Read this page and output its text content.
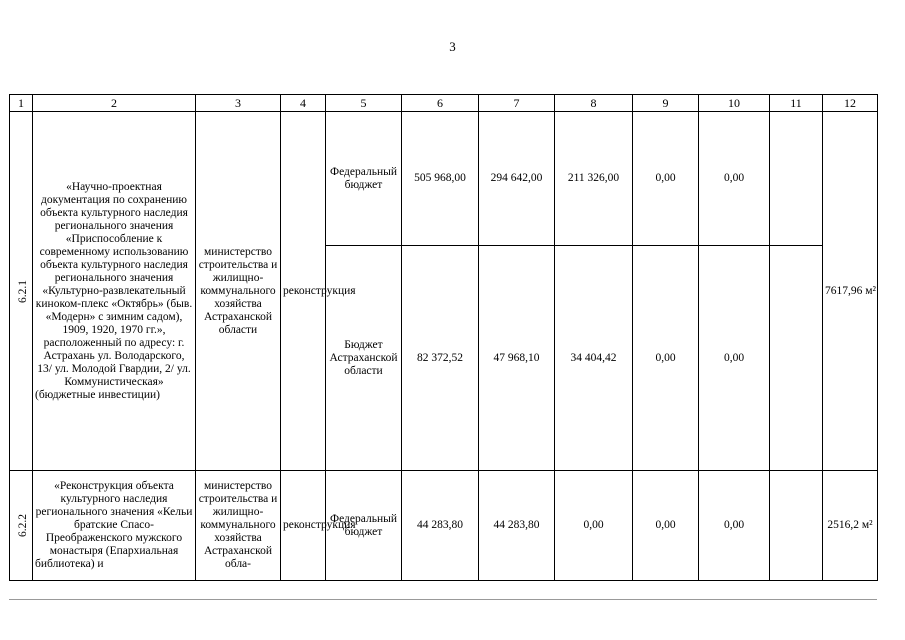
3
1	2	3	4	5	6	7	8	9	10	11	12
6.2.1	«Научно-проектная документация по сохранению объекта культурного наследия регионального значения «Приспособление к современному использованию объекта культурного наследия регионального значения «Культурно-развлекательный киноком-плекс «Октябрь» (быв. «Модерн» с зимним садом), 1909, 1920, 1970 гг.», расположенный по адресу: г. Астрахань ул. Володарского, 13/ ул. Молодой Гвардии, 2/ ул. Коммунистическая» (бюджетные инвестиции)	министерство строительства и жилищно-коммунального хозяйства Астраханской области	реконструкция	Федеральный бюджет	505 968,00	294 642,00	211 326,00	0,00	0,00		7617,96 м²
				Бюджет Астраханской области	82 372,52	47 968,10	34 404,42	0,00	0,00		
6.2.2	«Реконструкция объекта культурного наследия регионального значения «Кельи братские Спасо-Преображенского мужского монастыря (Епархиальная библиотека) и	министерство строительства и жилищно-коммунального хозяйства Астраханской обла-	реконструкция	Федеральный бюджет	44 283,80	44 283,80	0,00	0,00	0,00		2516,2 м²
